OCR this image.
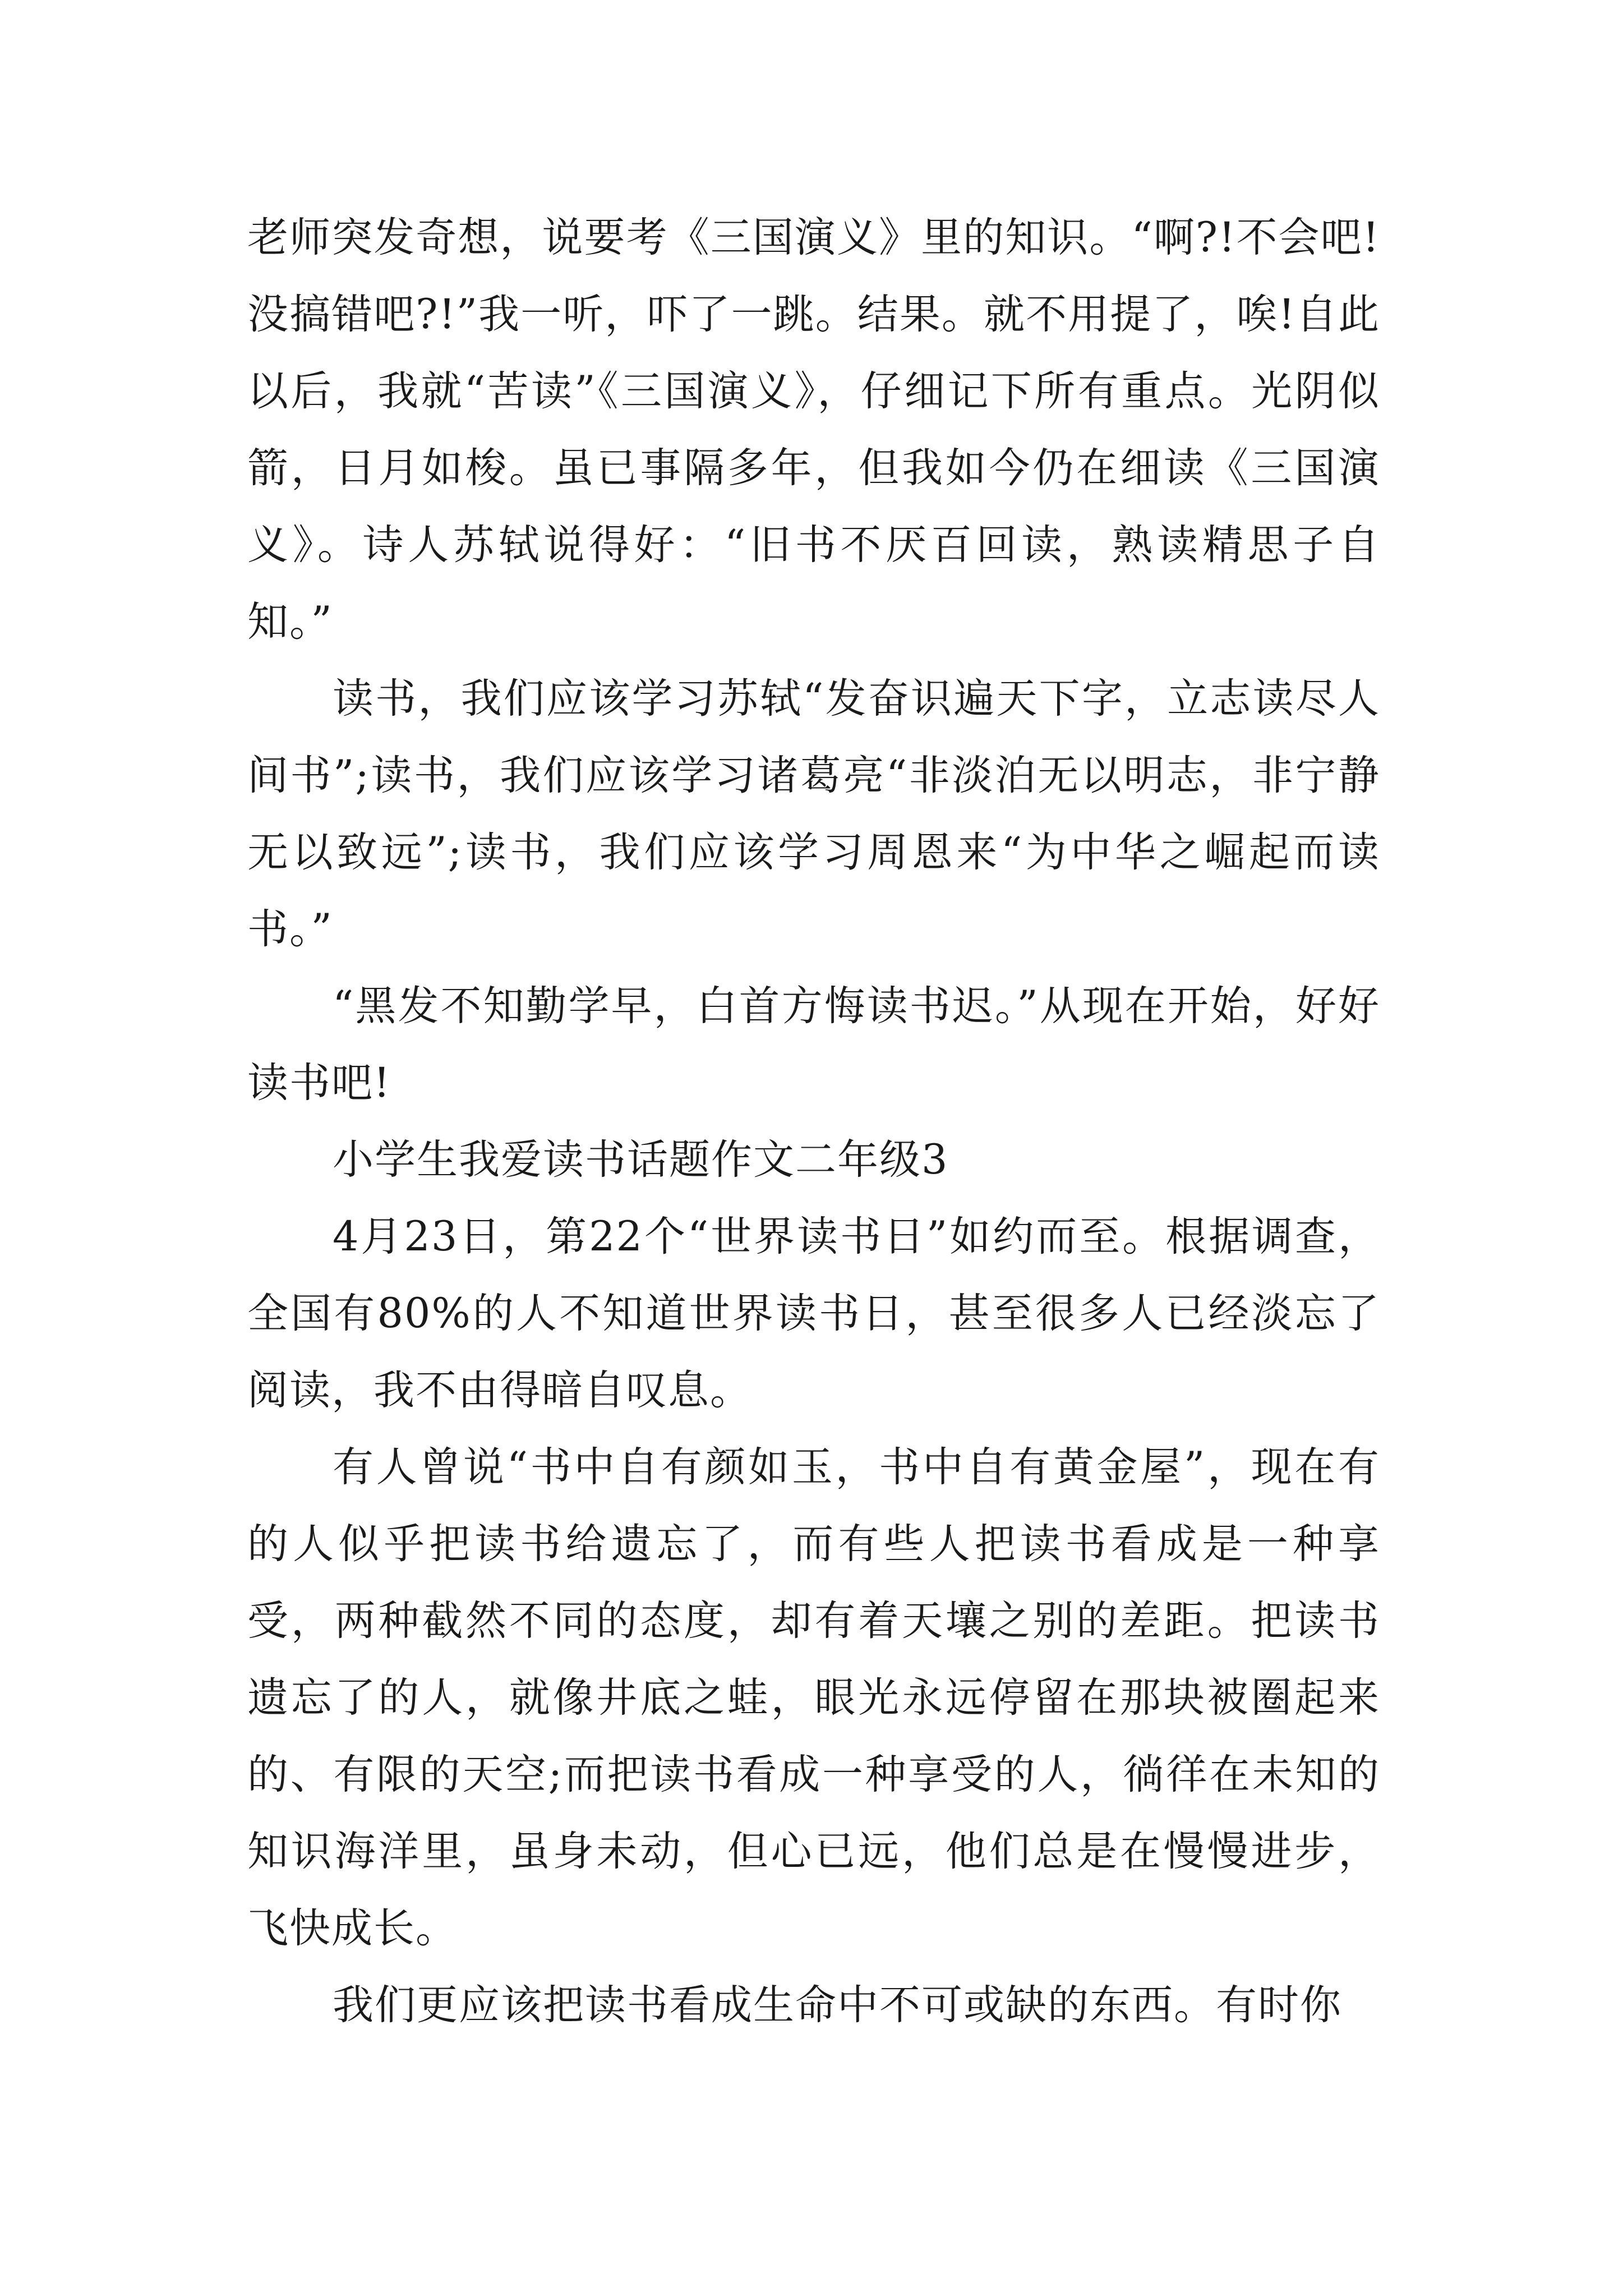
老师突发奇想，说要考《三国演义》里的知识。“啊?!不会吧!没搞错吧?!”我一听，吓了一跳。结果。就不用提了，唉!自此以后，我就“苦读”《三国演义》，仔细记下所有重点。光阴似箭，日月如梭。虽已事隔多年，但我如今仍在细读《三国演义》。诗人苏轼说得好：“旧书不厌百回读，熟读精思子自知。”

读书，我们应该学习苏轼“发奋识遍天下字，立志读尽人间书”;读书，我们应该学习诸葛亮“非淡泊无以明志，非宁静无以致远”;读书，我们应该学习周恩来“为中华之崛起而读书。”

“黑发不知勤学早，白首方悔读书迟。”从现在开始，好好读书吧!

小学生我爱读书话题作文二年级3

4月23日，第22个“世界读书日”如约而至。根据调查，全国有80%的人不知道世界读书日，甚至很多人已经淡忘了阅读，我不由得暗自叹息。

有人曾说“书中自有颜如玉，书中自有黄金屋”，现在有的人似乎把读书给遗忘了，而有些人把读书看成是一种享受，两种截然不同的态度，却有着天壤之别的差距。把读书遗忘了的人，就像井底之蛙，眼光永远停留在那块被圈起来的、有限的天空;而把读书看成一种享受的人，徜徉在未知的知识海洋里，虽身未动，但心已远，他们总是在慢慢进步，飞快成长。

我们更应该把读书看成生命中不可或缺的东西。有时你
